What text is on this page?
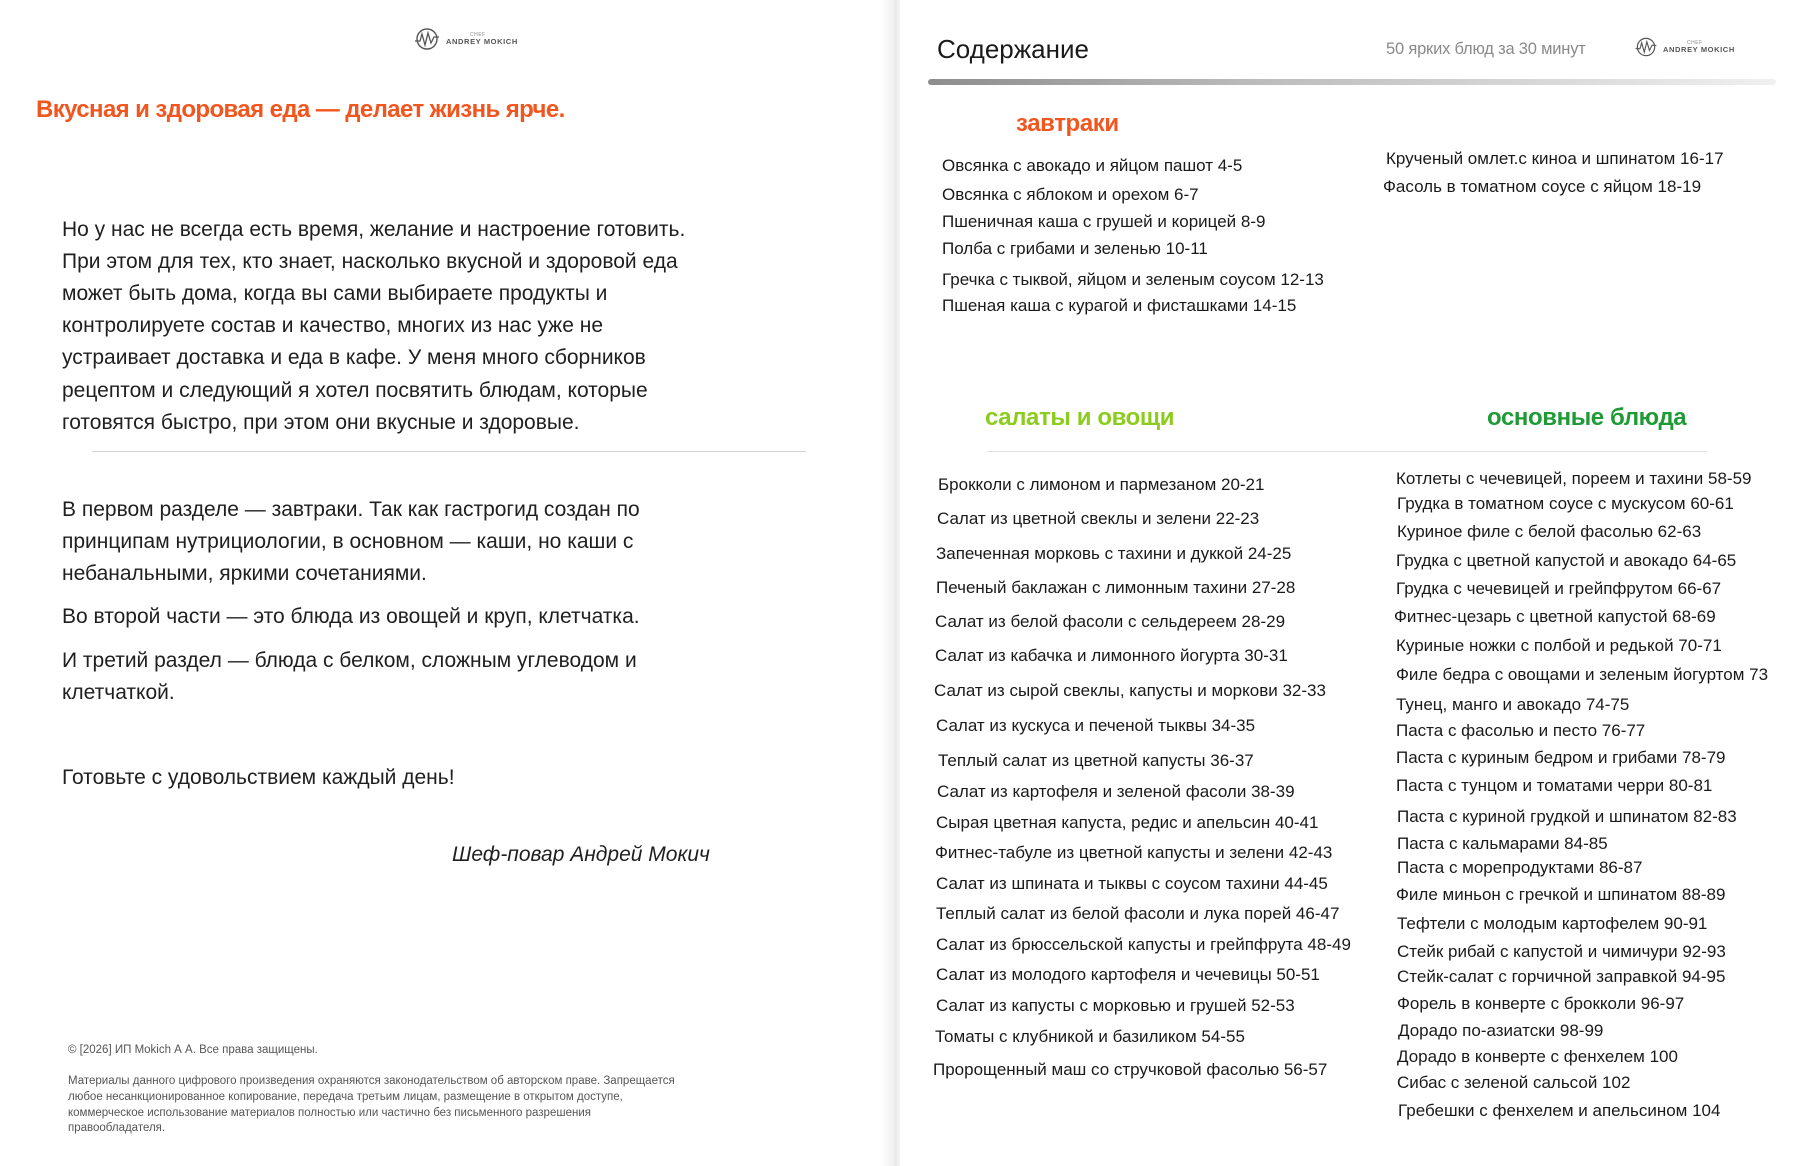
CHEF
ANDREY MOKICH
Вкусная и здоровая еда — делает жизнь ярче.

Но у нас не всегда есть время, желание и настроение готовить.

При этом для тех, кто знает, насколько вкусной и здоровой еда

может быть дома, когда вы сами выбираете продукты и

контролируете состав и качество, многих из нас уже не

устраивает доставка и еда в кафе. У меня много сборников

рецептом и следующий я хотел посвятить блюдам, которые

готовятся быстро, при этом они вкусные и здоровые.

В первом разделе — завтраки. Так как гастрогид создан по

принципам нутрициологии, в основном — каши, но каши с

небанальными, яркими сочетаниями.

Во второй части — это блюда из овощей и круп, клетчатка.

И третий раздел — блюда с белком, сложным углеводом и

клетчаткой.

Готовьте с удовольствием каждый день!

Шеф-повар Андрей Мокич

© [2026] ИП Mokich А А. Все права защищены.

Материалы данного цифрового произведения охраняются законодательством об авторском праве. Запрещается
любое несанкционированное копирование, передача третьим лицам, размещение в открытом доступе,
коммерческое использование материалов полностью или частично без письменного разрешения
правообладателя.
Содержание	50 ярких блюд за 30 минут	CHEF
ANDREY MOKICH
завтраки
Овсянка с авокадо и яйцом пашот 4-5
Овсянка с яблоком и орехом 6-7
Пшеничная каша с грушей и корицей 8-9
Полба с грибами и зеленью 10-11
Гречка с тыквой, яйцом и зеленым соусом 12-13
Пшеная каша с курагой и фисташками 14-15
Крученый омлет.с киноа и шпинатом 16-17
Фасоль в томатном соусе с яйцом 18-19
салаты и овощи	основные блюда
Брокколи с лимоном и пармезаном 20-21
Салат из цветной свеклы и зелени 22-23
Запеченная морковь с тахини и дуккой 24-25
Печеный баклажан с лимонным тахини 27-28
Салат из белой фасоли с сельдереем 28-29
Салат из кабачка и лимонного йогурта 30-31
Салат из сырой свеклы, капусты и моркови 32-33
Салат из кускуса и печеной тыквы 34-35
Теплый салат из цветной капусты 36-37
Салат из картофеля и зеленой фасоли 38-39
Сырая цветная капуста, редис и апельсин 40-41
Фитнес-табуле из цветной капусты и зелени 42-43
Салат из шпината и тыквы с соусом тахини 44-45
Теплый салат из белой фасоли и лука порей 46-47
Салат из брюссельской капусты и грейпфрута 48-49
Салат из молодого картофеля и чечевицы 50-51
Салат из капусты с морковью и грушей 52-53
Томаты с клубникой и базиликом 54-55
Пророщенный маш со стручковой фасолью 56-57
Котлеты с чечевицей, пореем и тахини 58-59
Грудка в томатном соусе с мускусом 60-61
Куриное филе с белой фасолью 62-63
Грудка с цветной капустой и авокадо 64-65
Грудка с чечевицей и грейпфрутом 66-67
Фитнес-цезарь с цветной капустой 68-69
Куриные ножки с полбой и редькой 70-71
Филе бедра с овощами и зеленым йогуртом 73
Тунец, манго и авокадо 74-75
Паста с фасолью и песто 76-77
Паста с куриным бедром и грибами 78-79
Паста с тунцом и томатами черри 80-81
Паста с куриной грудкой и шпинатом 82-83
Паста с кальмарами 84-85
Паста с морепродуктами 86-87
Филе миньон с гречкой и шпинатом 88-89
Тефтели с молодым картофелем 90-91
Стейк рибай с капустой и чимичури 92-93
Стейк-салат с горчичной заправкой 94-95
Форель в конверте с брокколи 96-97
Дорадо по-азиатски 98-99
Дорадо в конверте с фенхелем 100
Сибас с зеленой сальсой 102
Гребешки с фенхелем и апельсином 104
